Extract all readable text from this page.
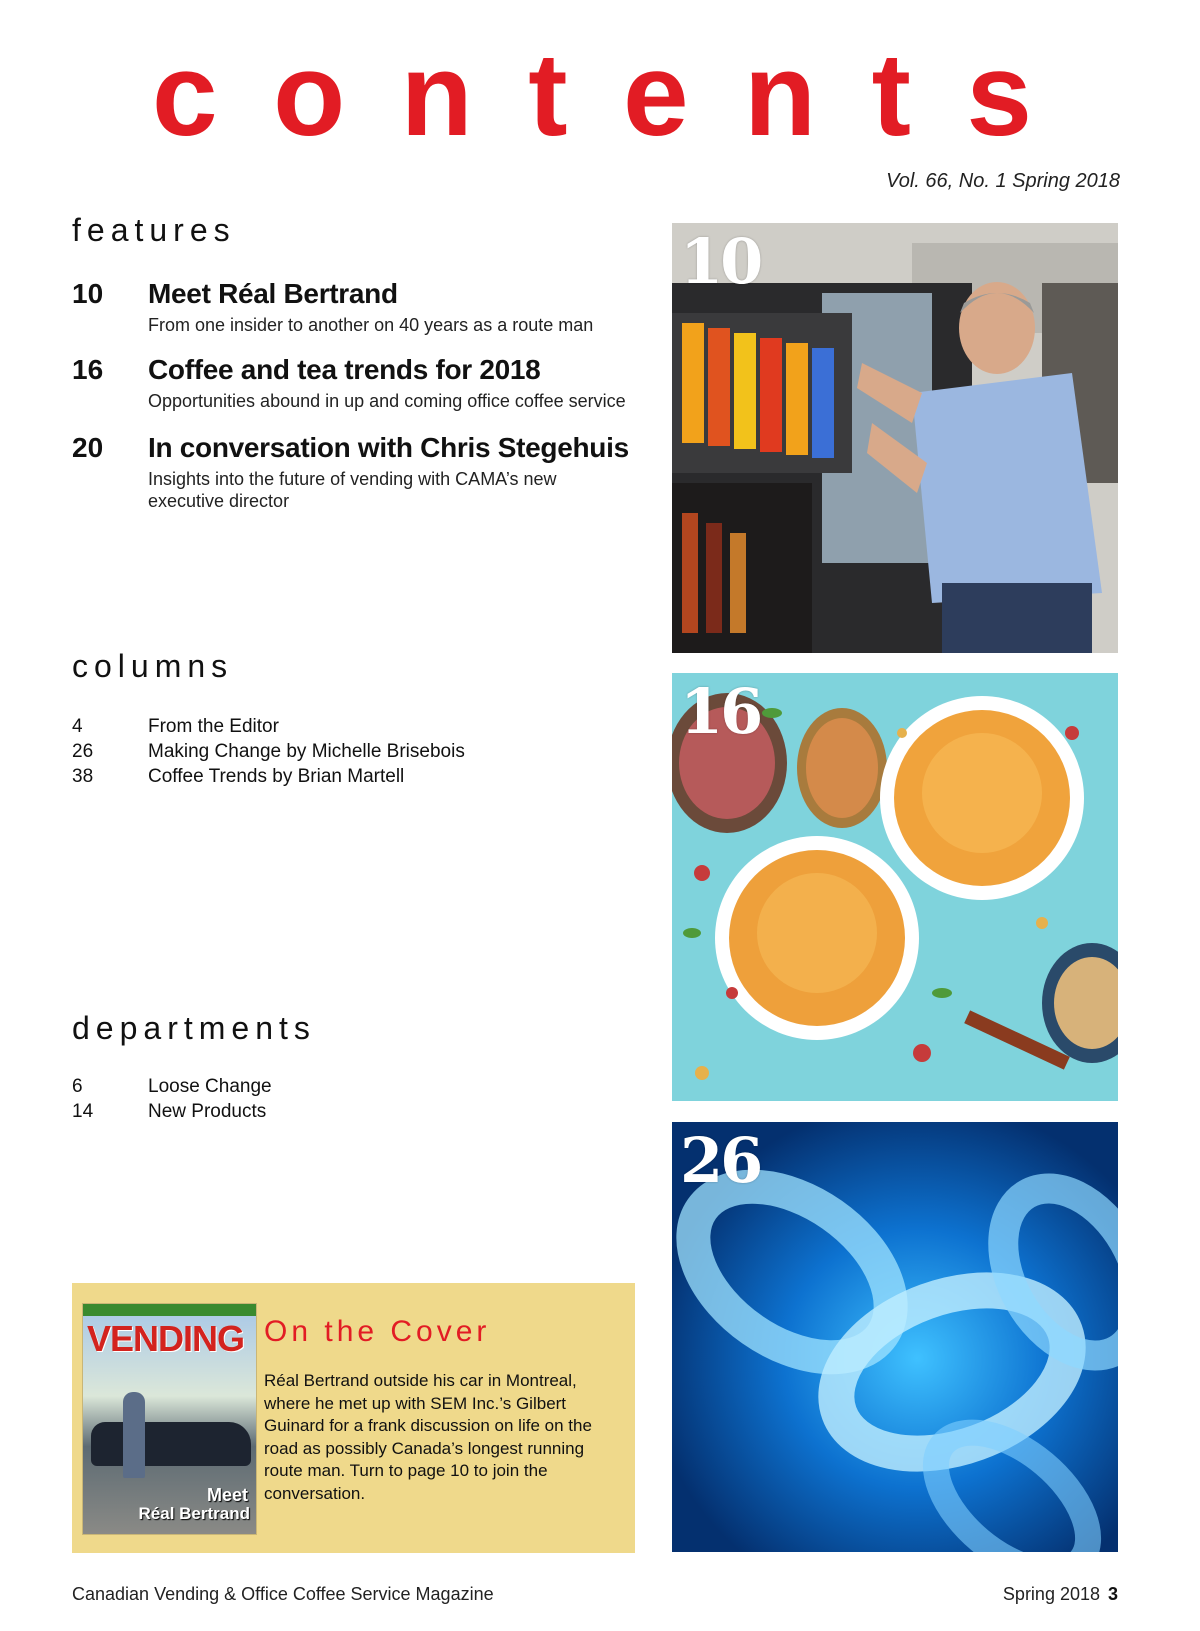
c o n t e n t s
Vol. 66, No. 1 Spring 2018
features
10 Meet Réal Bertrand
From one insider to another on 40 years as a route man
16 Coffee and tea trends for 2018
Opportunities abound in up and coming office coffee service
20 In conversation with Chris Stegehuis
Insights into the future of vending with CAMA’s new executive director
columns
4	From the Editor
26	Making Change by Michelle Brisebois
38	Coffee Trends by Brian Martell
departments
6	Loose Change
14	New Products
VENDING
Meet
Réal Bertrand
On the Cover
Réal Bertrand outside his car in Montreal, where he met up with SEM Inc.’s Gilbert Guinard for a frank discussion on life on the road as possibly Canada’s longest running route man. Turn to page 10 to join the conversation.
10
16
26
Canadian Vending & Office Coffee Service Magazine	Spring 2018 3
